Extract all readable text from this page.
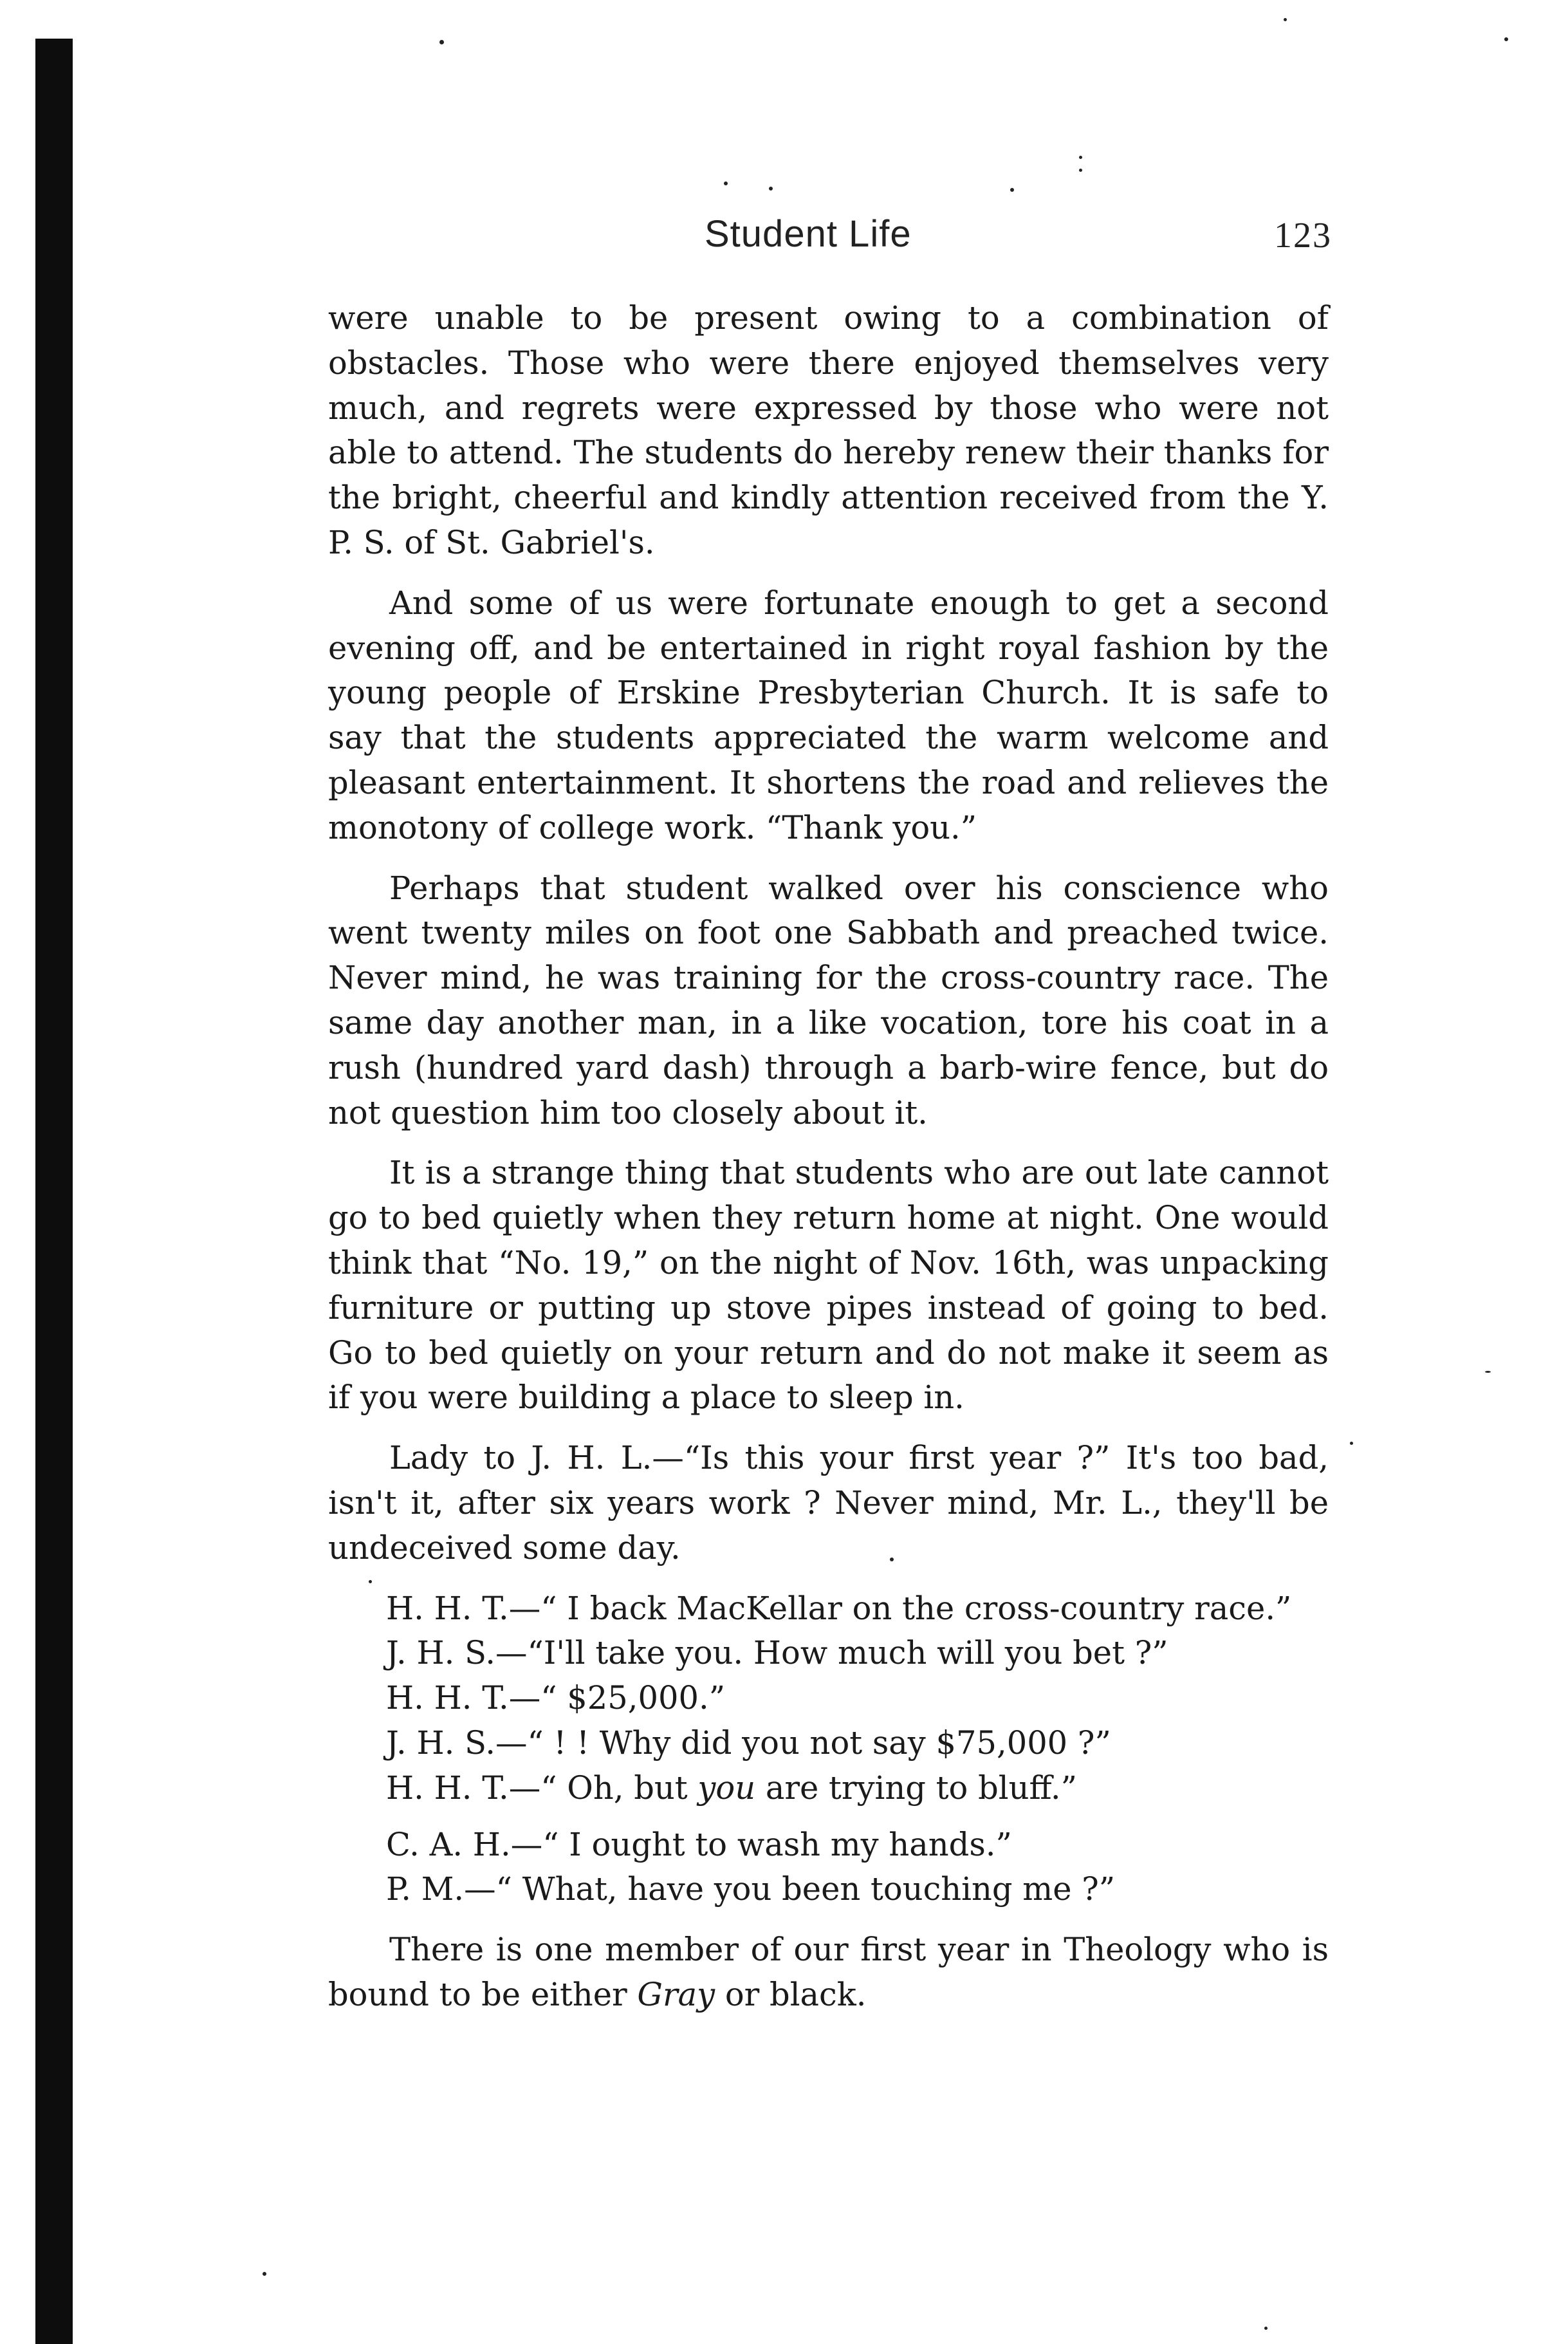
Student Life	123

were unable to be present owing to a combination of obstacles. Those who were there enjoyed themselves very much, and regrets were expressed by those who were not able to attend. The students do hereby renew their thanks for the bright, cheerful and kindly attention received from the Y. P. S. of St. Gabriel's.

And some of us were fortunate enough to get a second evening off, and be entertained in right royal fashion by the young people of Erskine Presbyterian Church. It is safe to say that the students appreciated the warm welcome and pleasant entertainment. It shortens the road and relieves the monotony of college work. “Thank you.”

Perhaps that student walked over his conscience who went twenty miles on foot one Sabbath and preached twice. Never mind, he was training for the cross-country race. The same day another man, in a like vocation, tore his coat in a rush (hundred yard dash) through a barb-wire fence, but do not question him too closely about it.

It is a strange thing that students who are out late cannot go to bed quietly when they return home at night. One would think that “No. 19,” on the night of Nov. 16th, was unpacking furniture or putting up stove pipes instead of going to bed. Go to bed quietly on your return and do not make it seem as if you were building a place to sleep in.

Lady to J. H. L.—“Is this your first year ?” It's too bad, isn't it, after six years work ? Never mind, Mr. L., they'll be undeceived some day.

H. H. T.—“ I back MacKellar on the cross-country race.”
J. H. S.—“I'll take you. How much will you bet ?”
H. H. T.—“ $25,000.”
J. H. S.—“ ! ! Why did you not say $75,000 ?”
H. H. T.—“ Oh, but you are trying to bluff.”
C. A. H.—“ I ought to wash my hands.”
P. M.—“ What, have you been touching me ?”

There is one member of our first year in Theology who is bound to be either Gray or black.
